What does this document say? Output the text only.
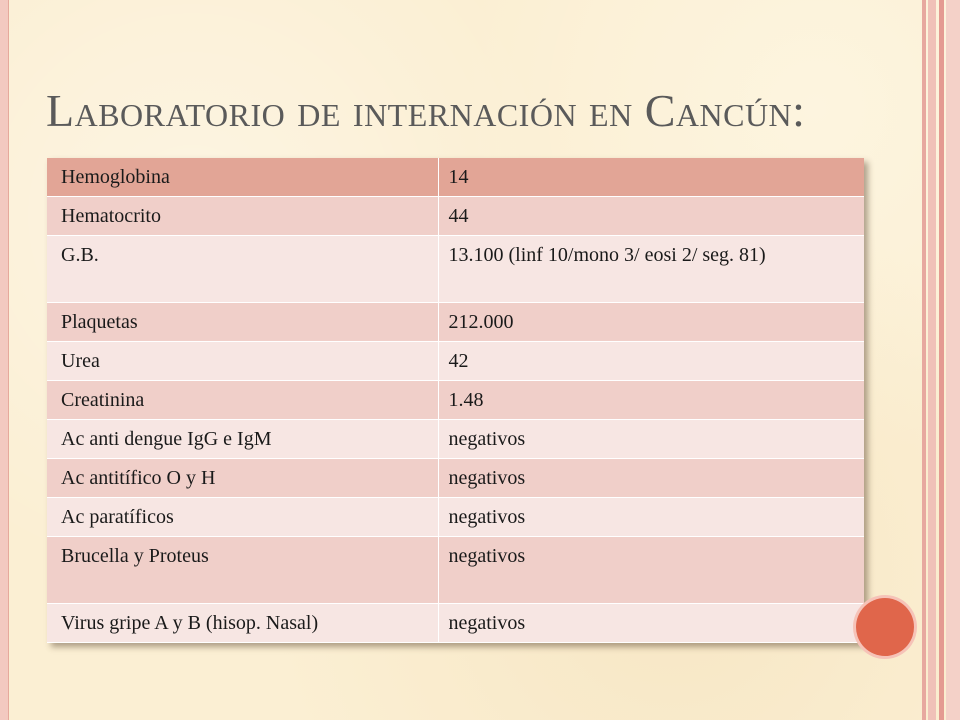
Laboratorio de internación en Cancún:
Hemoglobina	14
Hematocrito	44
G.B.	13.100 (linf 10/mono 3/ eosi 2/ seg. 81)
Plaquetas	212.000
Urea	42
Creatinina	1.48
Ac anti dengue IgG e IgM	negativos
Ac antitífico O y H	negativos
Ac paratíficos	negativos
Brucella y Proteus	negativos
Virus gripe A y B (hisop. Nasal)	negativos
